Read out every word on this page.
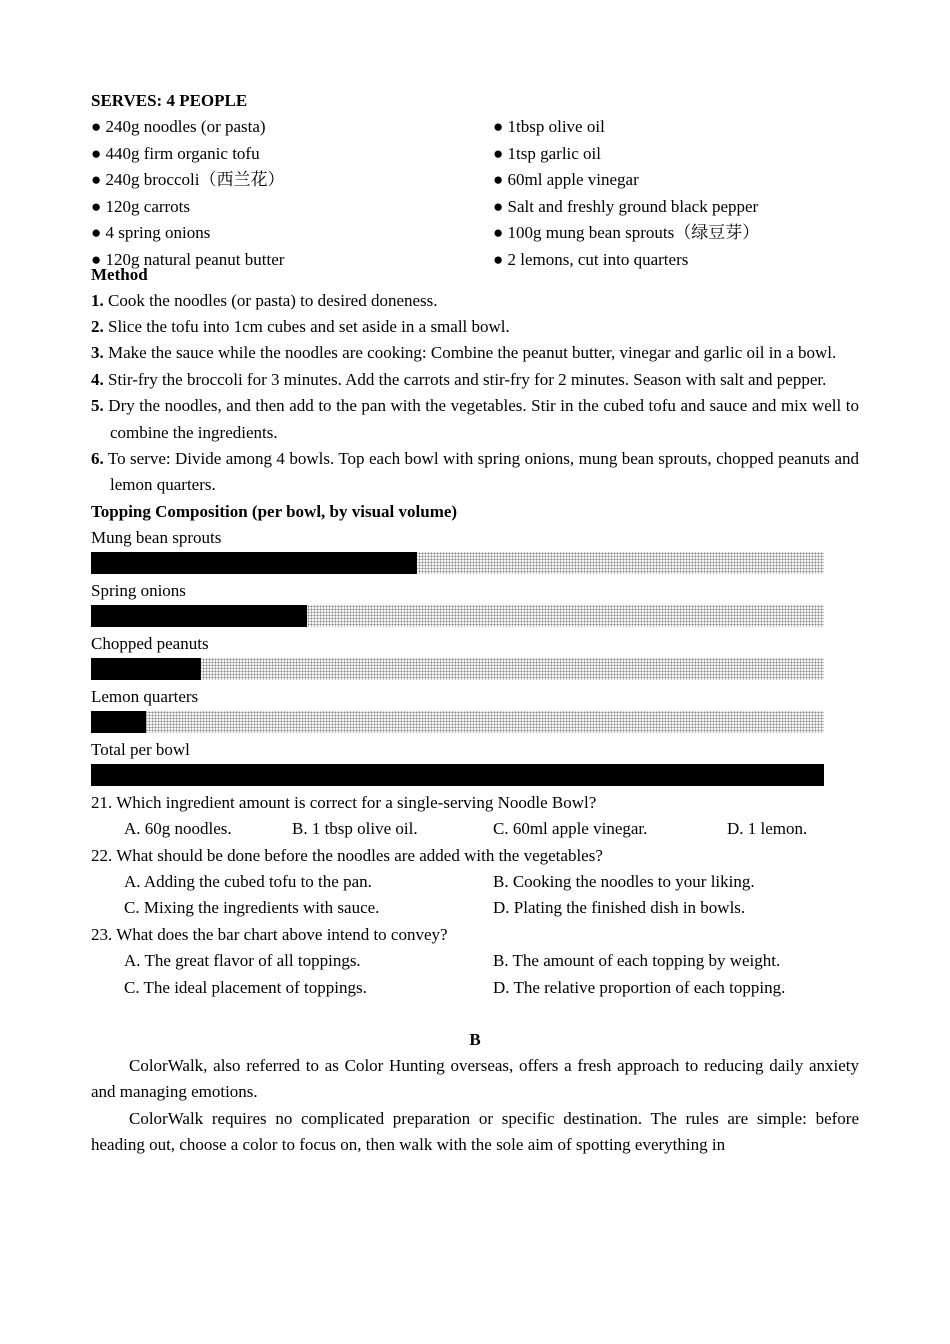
SERVES: 4 PEOPLE
● 240g noodles (or pasta)
● 440g firm organic tofu
● 240g broccoli（西兰花）
● 120g carrots
● 4 spring onions
● 120g natural peanut butter
● 1tbsp olive oil
● 1tsp garlic oil
● 60ml apple vinegar
● Salt and freshly ground black pepper
● 100g mung bean sprouts（绿豆芽）
● 2 lemons, cut into quarters
Method
1. Cook the noodles (or pasta) to desired doneness.
2. Slice the tofu into 1cm cubes and set aside in a small bowl.
3. Make the sauce while the noodles are cooking: Combine the peanut butter, vinegar and garlic oil in a bowl.
4. Stir-fry the broccoli for 3 minutes. Add the carrots and stir-fry for 2 minutes. Season with salt and pepper.
5. Dry the noodles, and then add to the pan with the vegetables. Stir in the cubed tofu and sauce and mix well to combine the ingredients.
6. To serve: Divide among 4 bowls. Top each bowl with spring onions, mung bean sprouts, chopped peanuts and lemon quarters.
Topping Composition (per bowl, by visual volume)
Mung bean sprouts
Spring onions
Chopped peanuts
Lemon quarters
Total per bowl
21. Which ingredient amount is correct for a single-serving Noodle Bowl?
A. 60g noodles.	B. 1 tbsp olive oil.	C. 60ml apple vinegar.	D. 1 lemon.
22. What should be done before the noodles are added with the vegetables?
A. Adding the cubed tofu to the pan.	B. Cooking the noodles to your liking.
C. Mixing the ingredients with sauce.	D. Plating the finished dish in bowls.
23. What does the bar chart above intend to convey?
A. The great flavor of all toppings.	B. The amount of each topping by weight.
C. The ideal placement of toppings.	D. The relative proportion of each topping.
B
ColorWalk, also referred to as Color Hunting overseas, offers a fresh approach to reducing daily anxiety and managing emotions.
ColorWalk requires no complicated preparation or specific destination. The rules are simple: before heading out, choose a color to focus on, then walk with the sole aim of spotting everything in
